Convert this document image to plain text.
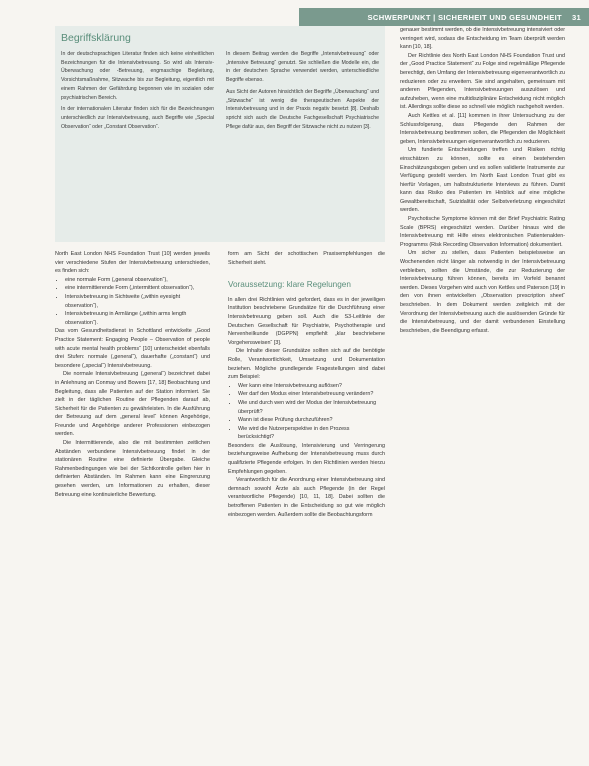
SCHWERPUNKT | SICHERHEIT UND GESUNDHEIT 31
Begriffsklärung

In der deutschsprachigen Literatur finden sich keine einheitlichen Bezeichnungen für die Intensivbetreuung. So wird als Intensiv-Überwachung oder -Betreuung, engmaschige Begleitung, Vorsichtsmaßnahme, Sitzwache bis zur Begleitung, eigentlich mit einem Rahmen der Gefährdung begonnen wie im sozialen oder psychiatrischen Bereich.

In der internationalen Literatur finden sich für die Bezeichnungen unterschiedlich zur Intensivbetreuung, auch Begriffe wie „Special Observation“ oder „Constant Observation“.

In diesem Beitrag werden die Begriffe „Intensivbetreuung“ oder „Intensive Betreuung“ genutzt. Sie schließen die Modelle ein, die in der deutschen Sprache verwendet werden, unterschiedliche Begriffe ebenso.

Aus Sicht der Autoren hinsichtlich der Begriffe „Überwachung“ und „Sitzwache“ ist wenig die therapeutischen Aspekte der Intensivbetreuung und in der Praxis negativ besetzt [8]. Deshalb spricht sich auch die Deutsche Fachgesellschaft Psychiatrische Pflege dafür aus, den Begriff der Sitzwache nicht zu nutzen [3].

North East London NHS Foundation Trust [10] werden jeweils vier verschiedene Stufen der Intensivbetreuung unterschieden, es finden sich:

• eine normale Form („general observation“),
• eine intermittierende Form („intermittent observation“),
• Intensivbetreuung in Sichtweite („within eyesight observation“),
• Intensivbetreuung in Armlänge („within arms length observation“).

Das vom Gesundheitsdienst in Schottland entwickelte „Good Practice Statement: Engaging People – Observation of people with acute mental health problems“ [10] unterscheidet ebenfalls drei Stufen: normale („general“), dauerhafte („constant“) und besondere („special“) Intensivbetreuung.

Die normale Intensivbetreuung („general“) bezeichnet dabei in Anlehnung an Conmay und Bowers [17, 18] Beobachtung und Begleitung, dass alle Patienten auf der Station informiert. Sie zielt in der täglichen Routine der Pflegenden darauf ab, Sicherheit für die Patienten zu gewährleisten. In die Ausführung der Betreuung auf dem „general level“ können Angehörige, Freunde und Angehörige anderer Professionen einbezogen werden.

Die Intermittierende, also die mit bestimmten zeitlichen Abständen verbundene Intensivbetreuung findet in der stationären Routine eine definierte Übergabe. Gleiche Rahmenbedingungen wie bei der Sichtkontrolle gelten hier in definierten Abständen. Im Rahmen kann eine Eingrenzung gesehen werden, um Informationen zu erhalten, dieser Betreuung eine kontinuierliche Bewertung.

form am Sicht der schottischen Praxisempfehlungen die Sicherheit sieht.

Voraussetzung: klare Regelungen

In allen drei Richtlinien wird gefordert, dass es in der jeweiligen Institution beschriebene Grundsätze für die Durchführung einer Intensivbetreuung geben soll. Auch die S3-Leitlinie der Deutschen Gesellschaft für Psychiatrie, Psychotherapie und Nervenheilkunde (DGPPN) empfiehlt „klar beschriebene Vorgehensweisen“ [3].

Die Inhalte dieser Grundsätze sollten sich auf die benötigte Rolle, Verantwortlichkeit, Umsetzung und Dokumentation beziehen. Mögliche grundlegende Fragestellungen sind dabei zum Beispiel:

• Wer kann eine Intensivbetreuung auflösen?
• Wer darf den Modus einer Intensivbetreuung verändern?
• Wie und durch wen wird der Modus der Intensivbetreuung überprüft?
• Wann ist diese Prüfung durchzuführen?
• Wie wird die Nutzerperspektive in den Prozess berücksichtigt?

Besonders die Auslösung, Intensivierung und Verringerung beziehungsweise Aufhebung der Intensivbetreuung muss durch qualifizierte Pflegende erfolgen. In den Richtlinien werden hierzu Empfehlungen gegeben.

Verantwortlich für die Anordnung einer Intensivbetreuung sind demnach sowohl Ärzte als auch Pflegende (in der Regel verantwortliche Pflegende) [10, 11, 18]. Dabei sollten die betroffenen Patienten in die Entscheidung so gut wie möglich einbezogen werden. Außerdem sollte die Beobachtungsform

genauer bestimmt werden, ob die Intensivbetreuung intensiviert oder verringert wird, sodass die Entscheidung im Team überprüft werden kann [10, 18].

Der Richtlinie des North East London NHS Foundation Trust und der „Good Practice Statement“ zu Folge sind regelmäßige Pflegende berechtigt, den Umfang der Intensivbetreuung eigenverantwortlich zu reduzieren oder zu erweitern. Sie sind angehalten, gemeinsam mit anderen Pflegenden, Intensivbetreuungen auszulösen und aufzuheben, wenn eine multidisziplinäre Entscheidung nicht möglich ist. Allerdings sollte diese so schnell wie möglich nachgeholt werden.

Auch Kettles et al. [11] kommen in ihrer Untersuchung zu der Schlussfolgerung, dass Pflegende den Rahmen der Intensivbetreuung bestimmen sollen, die Pflegenden die Möglichkeit geben, Intensivbetreuungen eigenverantwortlich zu reduzieren.

Um fundierte Entscheidungen treffen und Risiken richtig einschätzen zu können, sollte es einen bestehenden Einschätzungsbogen geben und es sollen validierte Instrumente zur Verfügung gestellt werden. Im North East London Trust gibt es hierfür Vorlagen, um halbstrukturierte Interviews zu führen. Damit kann das Risiko des Patienten im Hinblick auf eine mögliche Gewaltbereitschaft, Suizidalität oder Selbstverletzung eingeschätzt werden.

Psychotische Symptome können mit der Brief Psychiatric Rating Scale (BPRS) eingeschätzt werden. Darüber hinaus wird die Intensivbetreuung mit Hilfe eines elektronischen Patientenakten-Programms (Risk Recording Observation Information) dokumentiert.

Um sicher zu stellen, dass Patienten beispielsweise an Wochenenden nicht länger als notwendig in der Intensivbetreuung verbleiben, sollten die Umstände, die zur Reduzierung der Intensivbetreuung führen können, bereits im Vorfeld benannt werden. Dieses Vorgehen wird auch von Kettles und Paterson [19] in den von ihnen entwickelten „Observation prescription sheet“ beschrieben. In dem Dokument werden zeitgleich mit der Verordnung der Intensivbetreuung auch die auslösenden Gründe für die Intensivbetreuung, und der damit verbundenen Einstellung beschrieben, die Beendigung erfasst.
